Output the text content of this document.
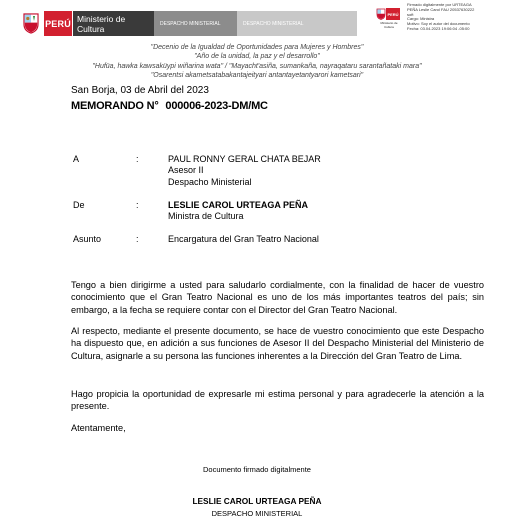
PERÚ Ministerio de Cultura	DESPACHO MINISTERIAL	DESPACHO MINISTERIAL
PERÚ
Ministerio de Cultura
Firmado digitalmente por URTEAGA
PEÑA Leslie Carol FAU 20537630222
soft
Cargo: Ministra
Motivo: Soy el autor del documento
Fecha: 03.04.2023 19:06:04 -05:00
"Decenio de la Igualdad de Oportunidades para Mujeres y Hombres"
"Año de la unidad, la paz y el desarrollo"
"Hufüa, hawka kawsaküypi wiñarina wata" / "Mayacht'asiña, sumankaña, nayraqataru sarantañataki mara"
"Osarentsi akametsatabakantajeityari antantayetantyarori kametsari"
San Borja, 03 de Abril del 2023
MEMORANDO N° 000006-2023-DM/MC
A	:	PAUL RONNY GERAL CHATA BEJAR
Asesor II
Despacho Ministerial
De	:	LESLIE CAROL URTEAGA PEÑA
Ministra de Cultura
Asunto	:	Encargatura del Gran Teatro Nacional
Tengo a bien dirigirme a usted para saludarlo cordialmente, con la finalidad de hacer de vuestro conocimiento que el Gran Teatro Nacional es uno de los más importantes teatros del país; sin embargo, a la fecha se requiere contar con el Director del Gran Teatro Nacional.
Al respecto, mediante el presente documento, se hace de vuestro conocimiento que este Despacho ha dispuesto que, en adición a sus funciones de Asesor II del Despacho Ministerial del Ministerio de Cultura, asignarle a su persona las funciones inherentes a la Dirección del Gran Teatro de Lima.
Hago propicia la oportunidad de expresarle mi estima personal y para agradecerle la atención a la presente.
Atentamente,
Documento firmado digitalmente
LESLIE CAROL URTEAGA PEÑA
DESPACHO MINISTERIAL
